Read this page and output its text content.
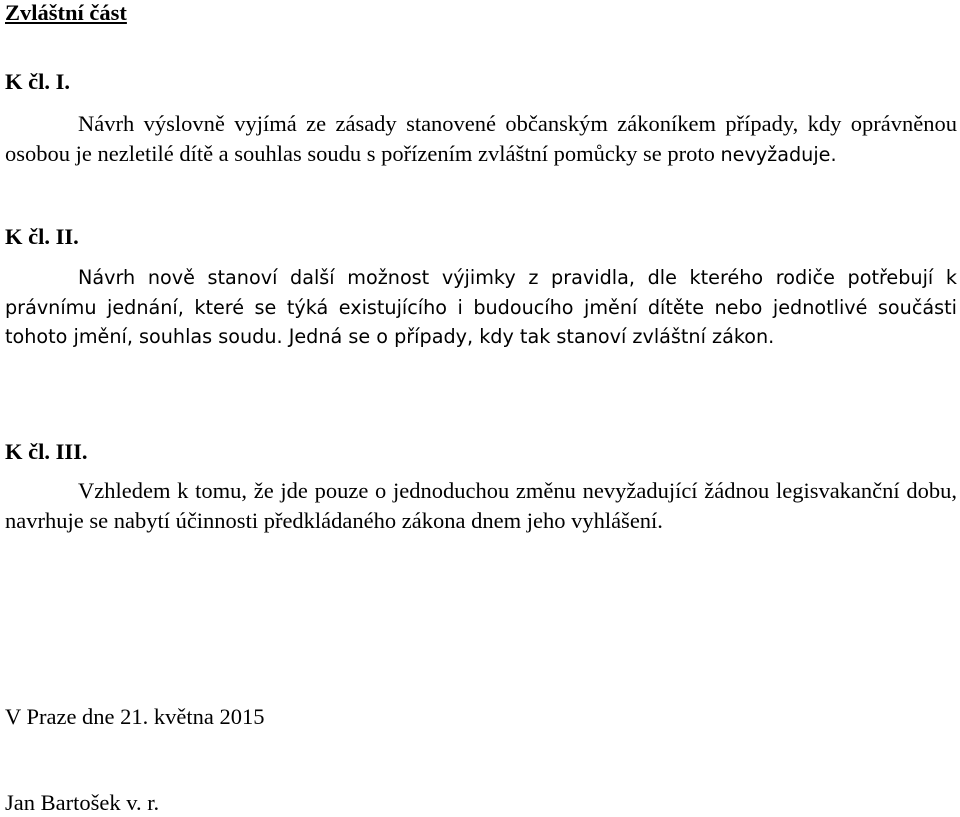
Zvláštní část

K čl. I.

Návrh výslovně vyjímá ze zásady stanovené občanským zákoníkem případy, kdy oprávněnou osobou je nezletilé dítě a souhlas soudu s pořízením zvláštní pomůcky se proto nevyžaduje.

K čl. II.

Návrh nově stanoví další možnost výjimky z pravidla, dle kterého rodiče potřebují k právnímu jednání, které se týká existujícího i budoucího jmění dítěte nebo jednotlivé součásti tohoto jmění, souhlas soudu. Jedná se o případy, kdy tak stanoví zvláštní zákon.

K čl. III.

Vzhledem k tomu, že jde pouze o jednoduchou změnu nevyžadující žádnou legisvakanční dobu, navrhuje se nabytí účinnosti předkládaného zákona dnem jeho vyhlášení.

V Praze dne 21. května 2015

Jan Bartošek v. r.
